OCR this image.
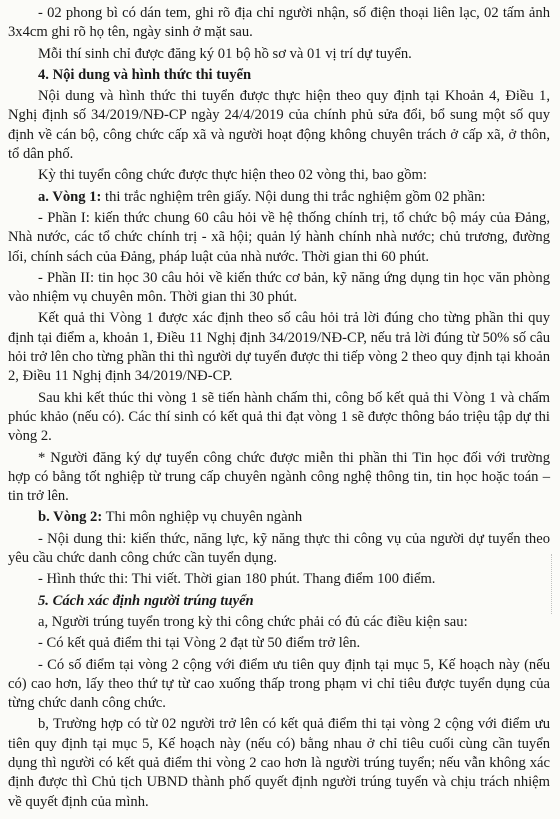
- 02 phong bì có dán tem, ghi rõ địa chỉ người nhận, số điện thoại liên lạc, 02 tấm ảnh 3x4cm ghi rõ họ tên, ngày sinh ở mặt sau.

Mỗi thí sinh chỉ được đăng ký 01 bộ hồ sơ và 01 vị trí dự tuyển.

4. Nội dung và hình thức thi tuyển

Nội dung và hình thức thi tuyển được thực hiện theo quy định tại Khoản 4, Điều 1, Nghị định số 34/2019/NĐ-CP ngày 24/4/2019 của chính phủ sửa đổi, bổ sung một số quy định về cán bộ, công chức cấp xã và người hoạt động không chuyên trách ở cấp xã, ở thôn, tổ dân phố.

Kỳ thi tuyển công chức được thực hiện theo 02 vòng thi, bao gồm:

a. Vòng 1: thi trắc nghiệm trên giấy. Nội dung thi trắc nghiệm gồm 02 phần:

- Phần I: kiến thức chung 60 câu hỏi về hệ thống chính trị, tổ chức bộ máy của Đảng, Nhà nước, các tổ chức chính trị - xã hội; quản lý hành chính nhà nước; chủ trương, đường lối, chính sách của Đảng, pháp luật của nhà nước. Thời gian thi 60 phút.

- Phần II: tin học 30 câu hỏi về kiến thức cơ bản, kỹ năng ứng dụng tin học văn phòng vào nhiệm vụ chuyên môn. Thời gian thi 30 phút.

Kết quả thi Vòng 1 được xác định theo số câu hỏi trả lời đúng cho từng phần thi quy định tại điểm a, khoản 1, Điều 11 Nghị định 34/2019/NĐ-CP, nếu trả lời đúng từ 50% số câu hỏi trở lên cho từng phần thi thì người dự tuyển được thi tiếp vòng 2 theo quy định tại khoản 2, Điều 11 Nghị định 34/2019/NĐ-CP.

Sau khi kết thúc thi vòng 1 sẽ tiến hành chấm thi, công bố kết quả thi Vòng 1 và chấm phúc khảo (nếu có). Các thí sinh có kết quả thi đạt vòng 1 sẽ được thông báo triệu tập dự thi vòng 2.

* Người đăng ký dự tuyển công chức được miễn thi phần thi Tin học đối với trường hợp có bằng tốt nghiệp từ trung cấp chuyên ngành công nghệ thông tin, tin học hoặc toán – tin trở lên.

b. Vòng 2: Thi môn nghiệp vụ chuyên ngành

- Nội dung thi: kiến thức, năng lực, kỹ năng thực thi công vụ của người dự tuyển theo yêu cầu chức danh công chức cần tuyển dụng.

- Hình thức thi: Thi viết. Thời gian 180 phút. Thang điểm 100 điểm.

5. Cách xác định người trúng tuyển

a, Người trúng tuyển trong kỳ thi công chức phải có đủ các điều kiện sau:

- Có kết quả điểm thi tại Vòng 2 đạt từ 50 điểm trở lên.

- Có số điểm tại vòng 2 cộng với điểm ưu tiên quy định tại mục 5, Kế hoạch này (nếu có) cao hơn, lấy theo thứ tự từ cao xuống thấp trong phạm vi chỉ tiêu được tuyển dụng của từng chức danh công chức.

b, Trường hợp có từ 02 người trở lên có kết quả điểm thi tại vòng 2 cộng với điểm ưu tiên quy định tại mục 5, Kế hoạch này (nếu có) bằng nhau ở chỉ tiêu cuối cùng cần tuyển dụng thì người có kết quả điểm thi vòng 2 cao hơn là người trúng tuyển; nếu vẫn không xác định được thì Chủ tịch UBND thành phố quyết định người trúng tuyển và chịu trách nhiệm về quyết định của mình.
